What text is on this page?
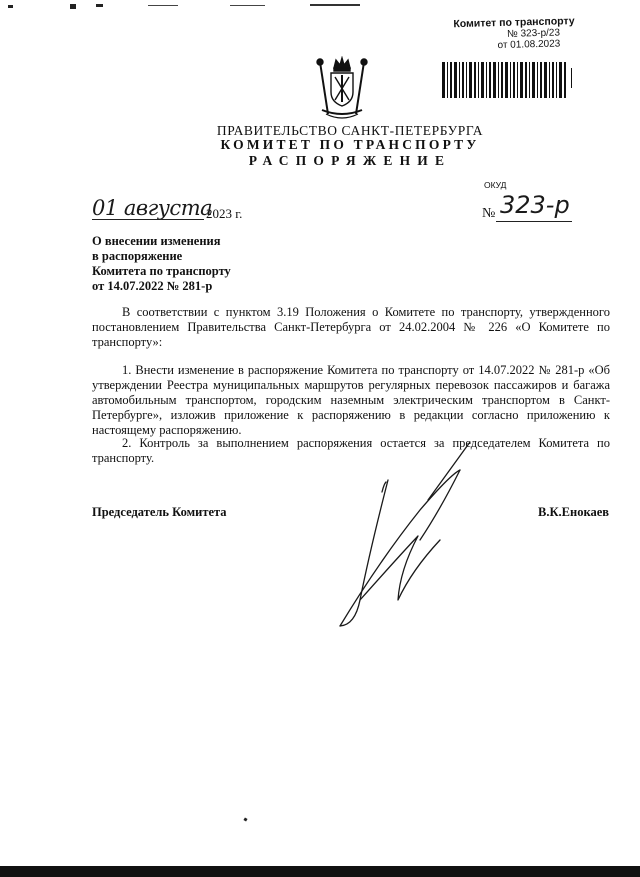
Комитет по транспорту
№ 323-р/23
от 01.08.2023
ПРАВИТЕЛЬСТВО САНКТ-ПЕТЕРБУРГА
КОМИТЕТ ПО ТРАНСПОРТУ
РАСПОРЯЖЕНИЕ
ОКУД
01 августа
2023 г.	№ 323-р
О внесении изменения
в распоряжение
Комитета по транспорту
от 14.07.2022 № 281-р
В соответствии с пунктом 3.19 Положения о Комитете по транспорту, утвержденного постановлением Правительства Санкт-Петербурга от 24.02.2004 № 226 «О Комитете по транспорту»:
1. Внести изменение в распоряжение Комитета по транспорту от 14.07.2022 № 281-р «Об утверждении Реестра муниципальных маршрутов регулярных перевозок пассажиров и багажа автомобильным транспортом, городским наземным электрическим транспортом в Санкт-Петербурге», изложив приложение к распоряжению в редакции согласно приложению к настоящему распоряжению.
2. Контроль за выполнением распоряжения остается за председателем Комитета по транспорту.
Председатель Комитета	В.К.Енокаев
